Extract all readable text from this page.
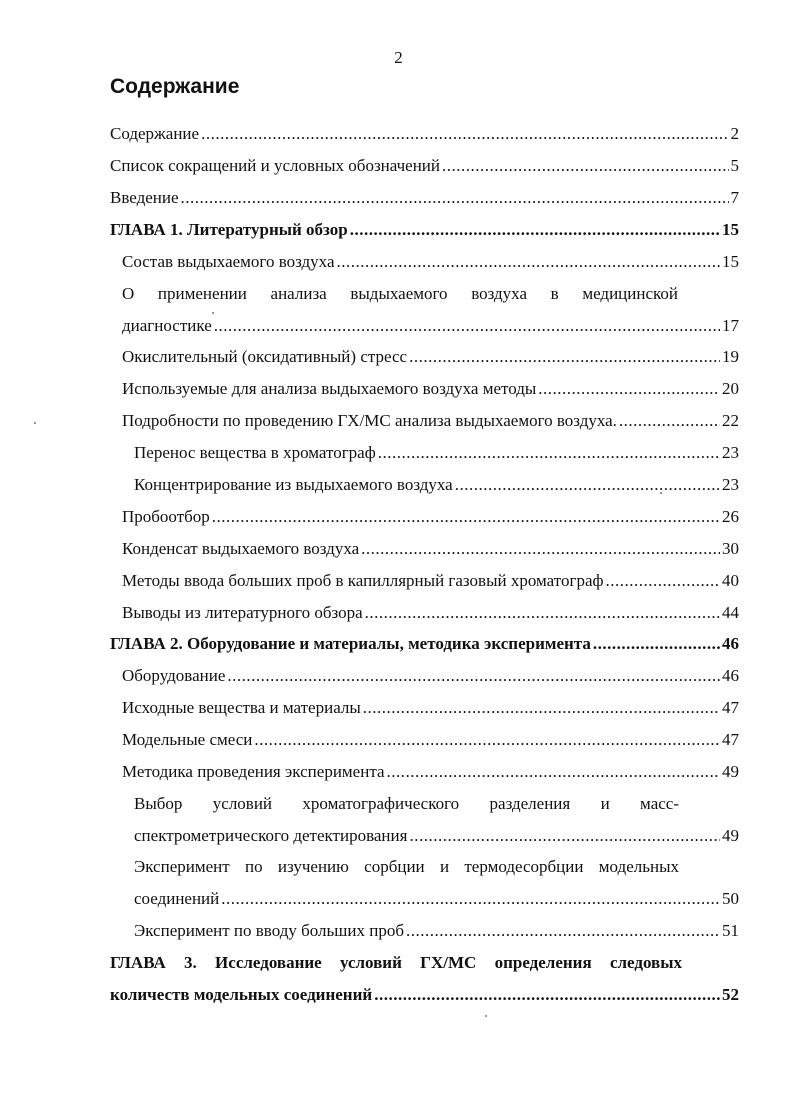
2
Содержание
Содержание .....	2
Список сокращений и условных обозначений .....	5
Введение .....	7
ГЛАВА 1. Литературный обзор .....	15
Состав выдыхаемого воздуха .....	15
О применении анализа выдыхаемого воздуха в медицинской
диагностике .....	17
Окислительный (оксидативный) стресс .....	19
Используемые для анализа выдыхаемого воздуха методы .....	20
Подробности по проведению ГХ/МС анализа выдыхаемого воздуха. .....	22
Перенос вещества в хроматограф .....	23
Концентрирование из выдыхаемого воздуха .....	23
Пробоотбор .....	26
Конденсат выдыхаемого воздуха .....	30
Методы ввода больших проб в капиллярный газовый хроматограф .....	40
Выводы из литературного обзора .....	44
ГЛАВА 2. Оборудование и материалы, методика эксперимента .....	46
Оборудование .....	46
Исходные вещества и материалы .....	47
Модельные смеси .....	47
Методика проведения эксперимента .....	49
Выбор условий хроматографического разделения и масс-
спектрометрического детектирования .....	49
Эксперимент по изучению сорбции и термодесорбции модельных
соединений .....	50
Эксперимент по вводу больших проб .....	51
ГЛАВА 3. Исследование условий ГХ/МС определения следовых
количеств модельных соединений .....	52
